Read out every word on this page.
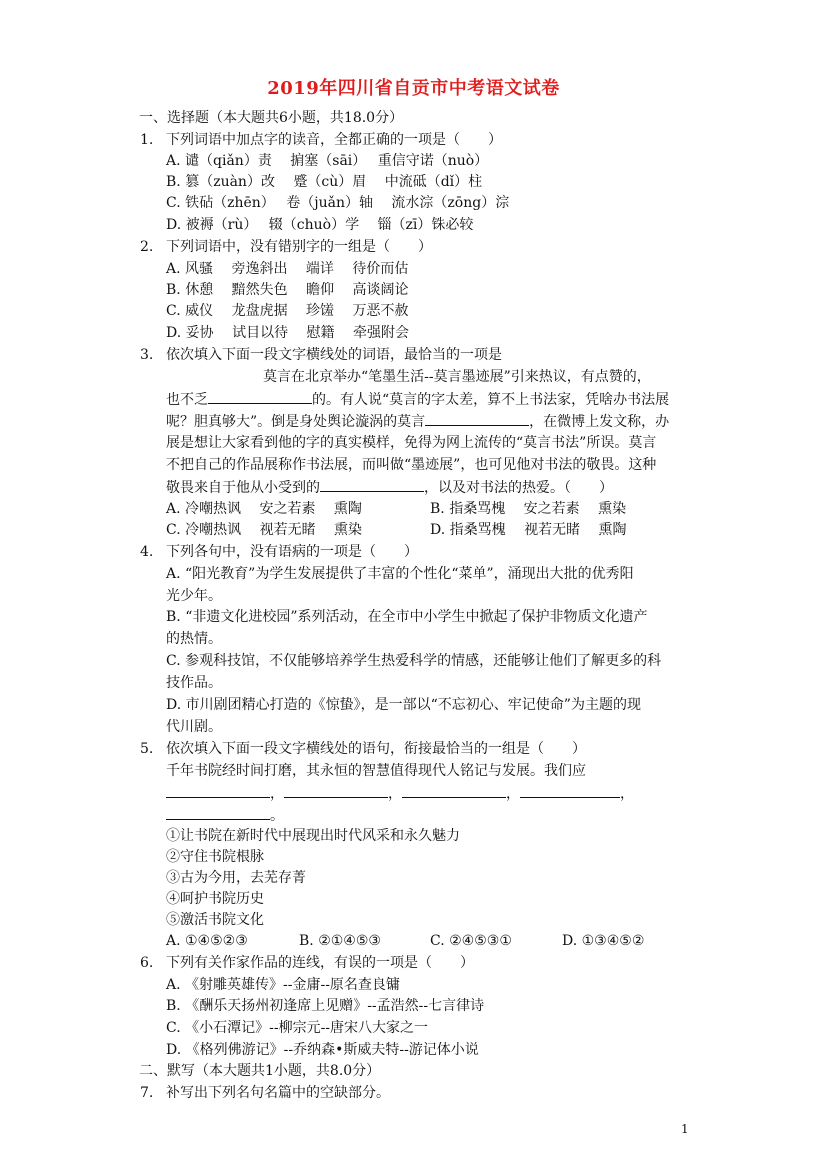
2019年四川省自贡市中考语文试卷
一、选择题（本大题共6小题，共18.0分）
1. 下列词语中加点字的读音，全都正确的一项是（　　）
A. 谴（qiǎn）责　 掮塞（sāi）　 重信守诺（nuò）
B. 篡（zuàn）改　 蹙（cù）眉　 中流砥（dǐ）柱
C. 铁砧（zhēn）　 卷（juǎn）轴　 流水淙（zōng）淙
D. 被褥（rù）　 辍（chuò）学　 锱（zī）铢必较
2. 下列词语中，没有错别字的一组是（　　）
A. 风骚　 旁逸斜出　 端详　 待价而估
B. 休憩　 黯然失色　 瞻仰　 高谈阔论
C. 威仪　 龙盘虎据　 珍馐　 万恶不赦
D. 妥协　 试目以待　 慰籍　 牵强附会
3. 依次填入下面一段文字横线处的词语，最恰当的一项是
莫言在北京举办“笔墨生活--莫言墨迹展”引来热议，有点赞的，
也不乏	的。有人说“莫言的字太差，算不上书法家，凭啥办书法展
呢？胆真够大”。倒是身处舆论漩涡的莫言	，在微博上发文称，办
展是想让大家看到他的字的真实模样，免得为网上流传的“莫言书法”所误。莫言
不把自己的作品展称作书法展，而叫做“墨迹展”，也可见他对书法的敬畏。这种
敬畏来自于他从小受到的	，以及对书法的热爱。（　　）
A. 冷嘲热讽　 安之若素　 熏陶	B. 指桑骂槐　 安之若素　 熏染
C. 冷嘲热讽　 视若无睹　 熏染	D. 指桑骂槐　 视若无睹　 熏陶
4. 下列各句中，没有语病的一项是（　　）
A. “阳光教育”为学生发展提供了丰富的个性化“菜单”，涌现出大批的优秀阳
光少年。
B. “非遗文化进校园”系列活动，在全市中小学生中掀起了保护非物质文化遗产
的热情。
C. 参观科技馆，不仅能够培养学生热爱科学的情感，还能够让他们了解更多的科
技作品。
D. 市川剧团精心打造的《惊蛰》，是一部以“不忘初心、牢记使命”为主题的现
代川剧。
5. 依次填入下面一段文字横线处的语句，衔接最恰当的一组是（　　）
千年书院经时间打磨，其永恒的智慧值得现代人铭记与发展。我们应
，	，	，	，
。
①让书院在新时代中展现出时代风采和永久魅力
②守住书院根脉
③古为今用，去芜存菁
④呵护书院历史
⑤激活书院文化
A. ①④⑤②③	B. ②①④⑤③	C. ②④⑤③①	D. ①③④⑤②
6. 下列有关作家作品的连线，有误的一项是（　　）
A. 《射雕英雄传》--金庸--原名查良镛
B. 《酬乐天扬州初逢席上见赠》--孟浩然--七言律诗
C. 《小石潭记》--柳宗元--唐宋八大家之一
D. 《格列佛游记》--乔纳森•斯威夫特--游记体小说
二、默写（本大题共1小题，共8.0分）
7. 补写出下列名句名篇中的空缺部分。
1
